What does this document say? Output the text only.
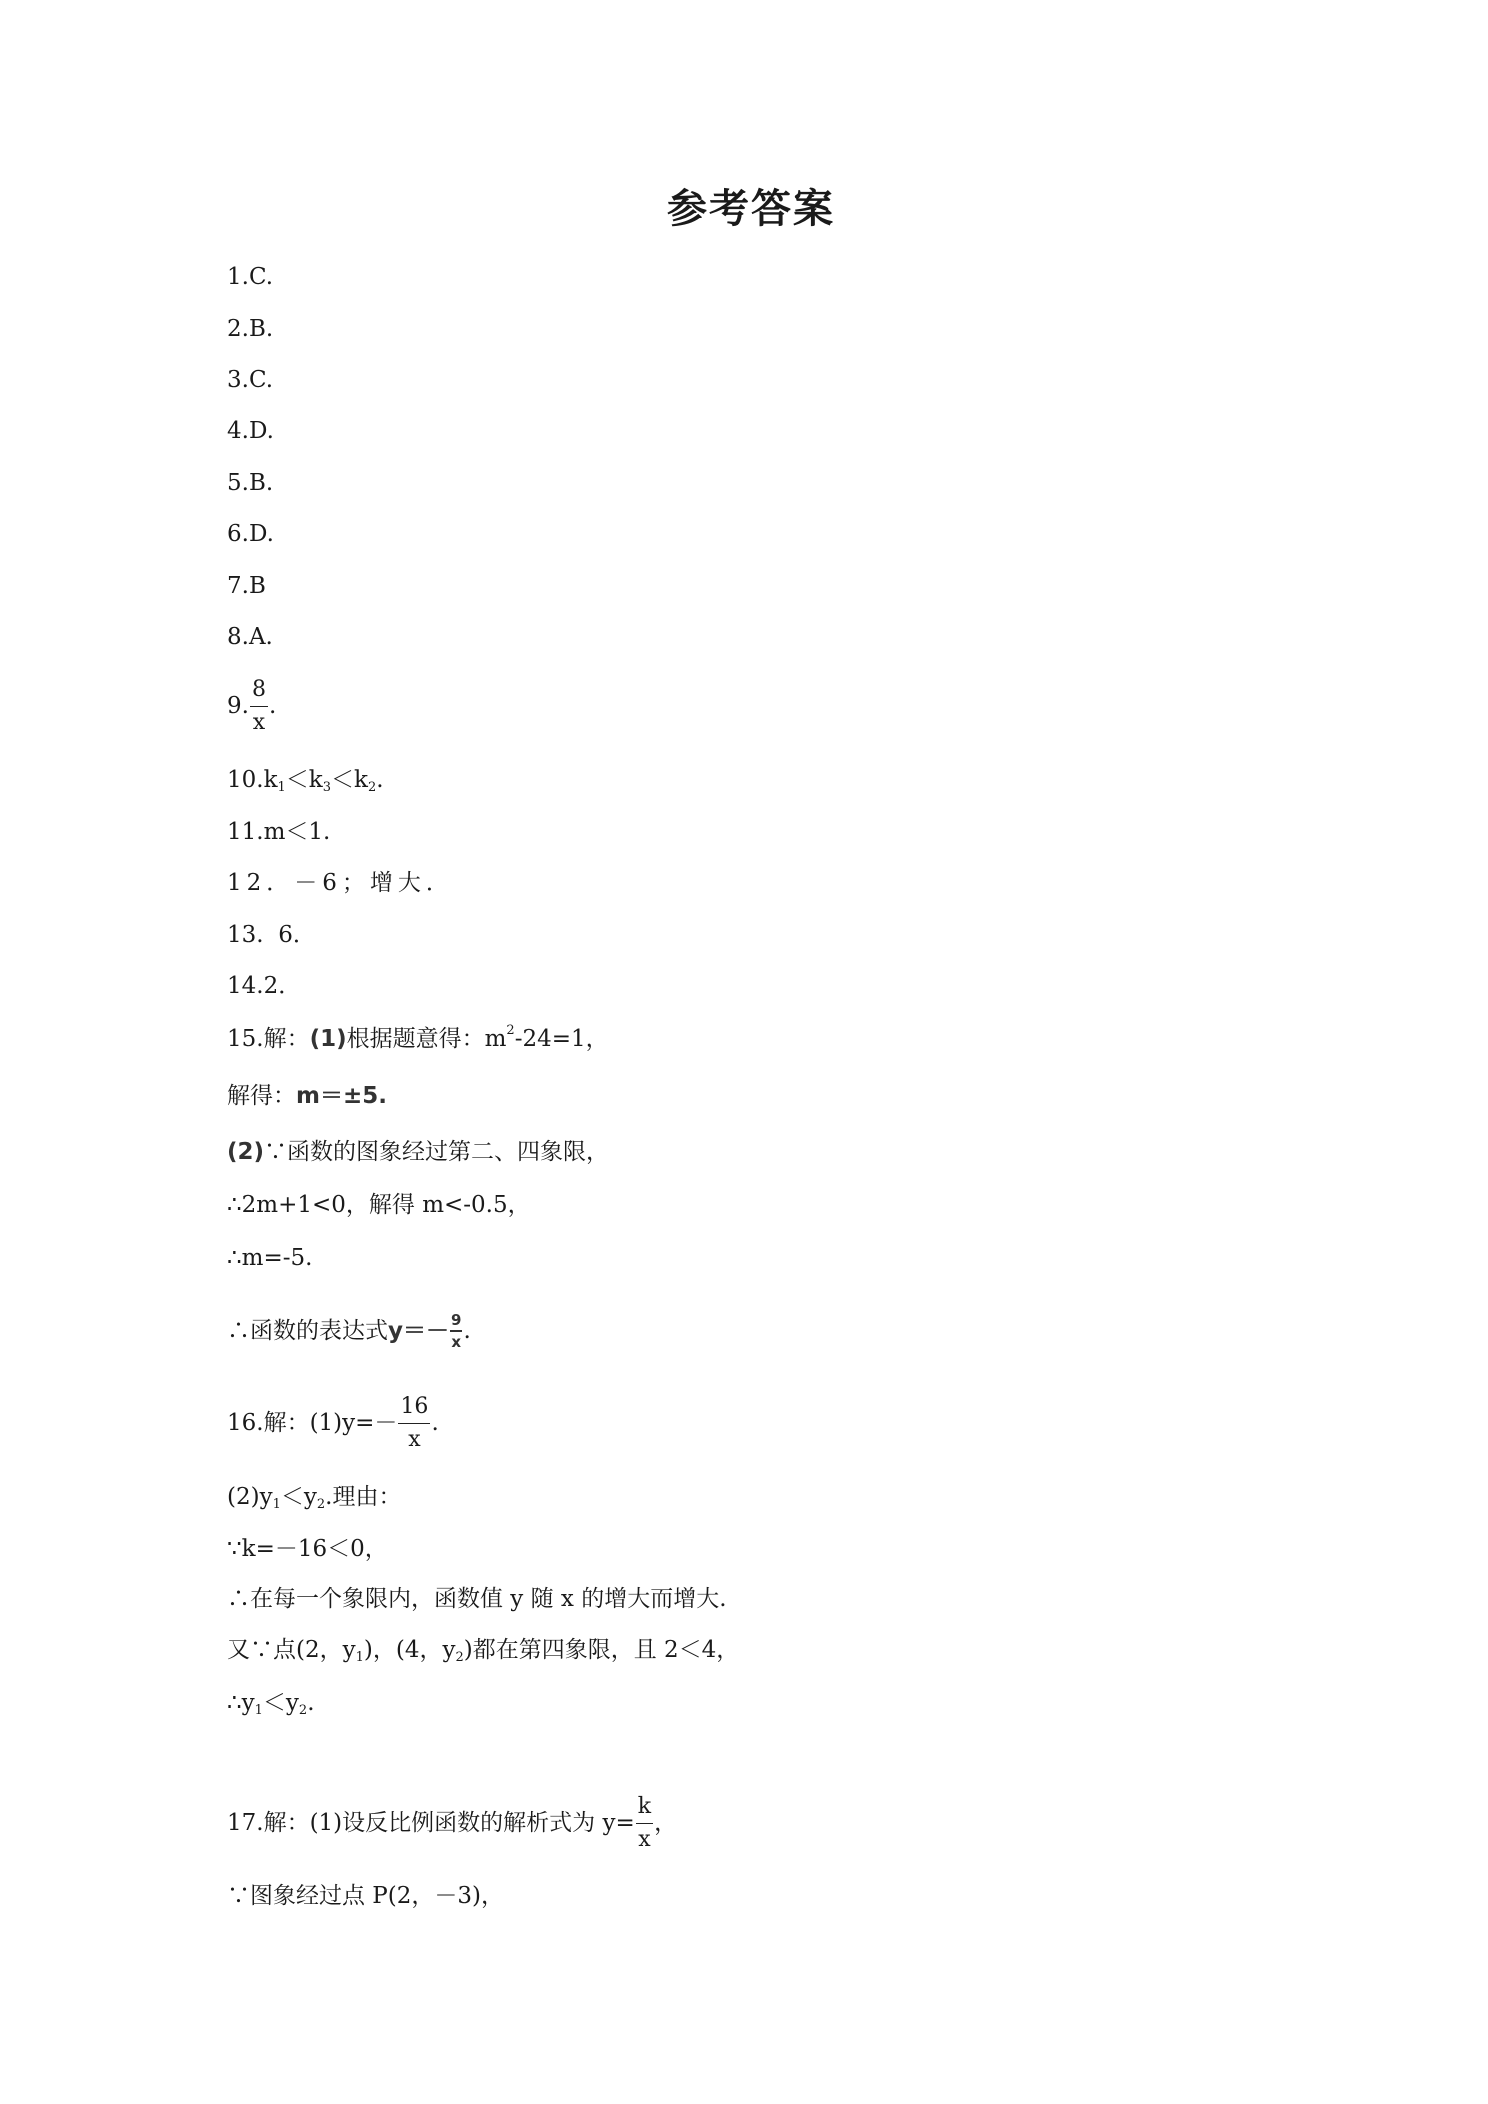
参考答案
1.C.
2.B.
3.C.
4.D.
5.B.
6.D.
7.B
8.A.
9. $\frac{8}{x}$ .
10.k 1 ＜k 3 ＜k 2 .
11.m＜1.
12．－6；增大．
13.  6．
14.2．
15.解： (1) 根据题意得：m 2 -24=1，
解得： m＝±5.
(2) ∵函数的图象经过第二、四象限，
∴2m+1<0，解得 m<-0.5，
∴m=-5.
∴函数的表达式 $y=- \frac{9}{x}$ .
16.解：$(1)y=- \frac{16}{x}$ .
(2)y 1 ＜y 2 .理由：
∵k=－16＜0，
∴在每一个象限内，函数值 y 随 x 的增大而增大.
又∵点(2，y 1 )，(4，y 2 )都在第四象限，且 2＜4，
∴y 1 ＜y 2 .
17.解：(1)设反比例函数的解析式为 $y= \frac{k}{x}$ ，
∵图象经过点 P(2，－3)，
